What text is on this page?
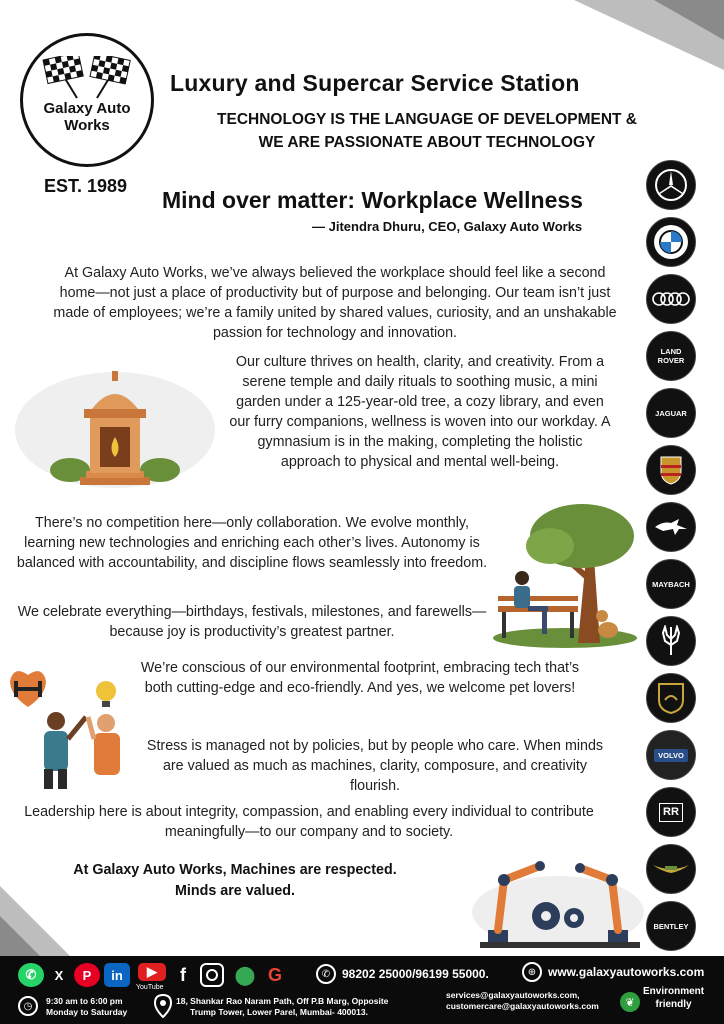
Galaxy Auto
Works
EST. 1989
Luxury and Supercar Service Station
TECHNOLOGY IS THE LANGUAGE OF DEVELOPMENT &
WE ARE PASSIONATE ABOUT TECHNOLOGY
Mind over matter: Workplace Wellness
— Jitendra Dhuru, CEO, Galaxy Auto Works
At Galaxy Auto Works, we’ve always believed the workplace should feel like a second home—not just a place of productivity but of purpose and belonging. Our team isn’t just made of employees; we’re a family united by shared values, curiosity, and an unshakable passion for technology and innovation.
Our culture thrives on health, clarity, and creativity. From a serene temple and daily rituals to soothing music, a mini garden under a 125-year-old tree, a cozy library, and even our furry companions, wellness is woven into our workday. A gymnasium is in the making, completing the holistic approach to physical and mental well-being.
There’s no competition here—only collaboration. We evolve monthly, learning new technologies and enriching each other’s lives. Autonomy is balanced with accountability, and discipline flows seamlessly into freedom.
We celebrate everything—birthdays, festivals, milestones, and farewells—because joy is productivity’s greatest partner.
We’re conscious of our environmental footprint, embracing tech that’s both cutting-edge and eco-friendly. And yes, we welcome pet lovers!
Stress is managed not by policies, but by people who care. When minds are valued as much as machines, clarity, composure, and creativity flourish.
Leadership here is about integrity, compassion, and enabling every individual to contribute meaningfully—to our company and to society.
At Galaxy Auto Works, Machines are respected.
Minds are valued.
LAND ROVER
JAGUAR
MAYBACH
VOLVO
RR
BENTLEY
✆	X	P	in	▶
YouTube
f	⬤ G	✆ 98202 25000/96199 55000.	⊕ www.galaxyautoworks.com
◷	9:30 am to 6:00 pm
Monday to Saturday
18, Shankar Rao Naram Path, Off P.B Marg, Opposite
Trump Tower, Lower Parel, Mumbai- 400013.
services@galaxyautoworks.com,
customercare@galaxyautoworks.com	❦
Environment
friendly
